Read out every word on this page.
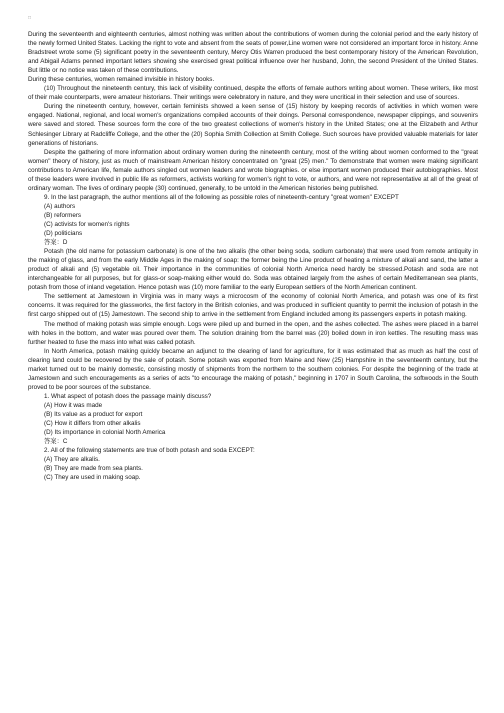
□

During the seventeenth and eighteenth centuries, almost nothing was written about the contributions of women during the colonial period and the early history of the newly formed United States. Lacking the right to vote and absent from the seats of power,Line women were not considered an important force in history. Anne Bradstreet wrote some (5) significant poetry in the seventeenth century, Mercy Otis Warren produced the best contemporary history of the American Revolution, and Abigail Adams penned important letters showing she exercised great political influence over her husband, John, the second President of the United States. But little or no notice was taken of these contributions.

During these centuries, women remained invisible in history books.

(10) Throughout the nineteenth century, this lack of visibility continued, despite the efforts of female authors writing about women. These writers, like most of their male counterparts, were amateur historians. Their writings were celebratory in nature, and they were uncritical in their selection and use of sources.

During the nineteenth century, however, certain feminists showed a keen sense of (15) history by keeping records of activities in which women were engaged. National, regional, and local women's organizations compiled accounts of their doings. Personal correspondence, newspaper clippings, and souvenirs were saved and stored. These sources form the core of the two greatest collections of women's history in the United States; one at the Elizabeth and Arthur Schlesinger Library at Radcliffe College, and the other the (20) Sophia Smith Collection at Smith College. Such sources have provided valuable materials for later generations of historians.

Despite the gathering of more information about ordinary women during the nineteenth century, most of the writing about women conformed to the "great women" theory of history, just as much of mainstream American history concentrated on "great (25) men." To demonstrate that women were making significant contributions to American life, female authors singled out women leaders and wrote biographies. or else important women produced their autobiographies. Most of these leaders were involved in public life as reformers, activists working for women's right to vote, or authors, and were not representative at all of the great of ordinary woman. The lives of ordinary people (30) continued, generally, to be untold in the American histories being published.

9. In the last paragraph, the author mentions all of the following as possible roles of nineteenth-century "great women" EXCEPT

(A) authors

(B) reformers

(C) activists for women's rights

(D) politicians

答案：D

Potash (the old name for potassium carbonate) is one of the two alkalis (the other being soda, sodium carbonate) that were used from remote antiquity in the making of glass, and from the early Middle Ages in the making of soap: the former being the Line product of heating a mixture of alkali and sand, the latter a product of alkali and (5) vegetable oil. Their importance in the communities of colonial North America need hardly be stressed.Potash and soda are not interchangeable for all purposes, but for glass-or soap-making either would do. Soda was obtained largely from the ashes of certain Mediterranean sea plants, potash from those of inland vegetation. Hence potash was (10) more familiar to the early European settlers of the North American continent.

The settlement at Jamestown in Virginia was in many ways a microcosm of the economy of colonial North America, and potash was one of its first concerns. It was required for the glassworks, the first factory in the British colonies, and was produced in sufficient quantity to permit the inclusion of potash in the first cargo shipped out of (15) Jamestown. The second ship to arrive in the settlement from England included among its passengers experts in potash making.

The method of making potash was simple enough. Logs were piled up and burned in the open, and the ashes collected. The ashes were placed in a barrel with holes in the bottom, and water was poured over them. The solution draining from the barrel was (20) boiled down in iron kettles. The resulting mass was further heated to fuse the mass into what was called potash.

In North America, potash making quickly became an adjunct to the clearing of land for agriculture, for it was estimated that as much as half the cost of clearing land could be recovered by the sale of potash. Some potash was exported from Maine and New (25) Hampshire in the seventeenth century, but the market turned out to be mainly domestic, consisting mostly of shipments from the northern to the southern colonies. For despite the beginning of the trade at Jamestown and such encouragements as a series of acts "to encourage the making of potash," beginning in 1707 in South Carolina, the softwoods in the South proved to be poor sources of the substance.

1. What aspect of potash does the passage mainly discuss?

(A) How it was made

(B) Its value as a product for export

(C) How it differs from other alkalis

(D) Its importance in colonial North America

答案：C

2. All of the following statements are true of both potash and soda EXCEPT:

(A) They are alkalis.

(B) They are made from sea plants.

(C) They are used in making soap.
